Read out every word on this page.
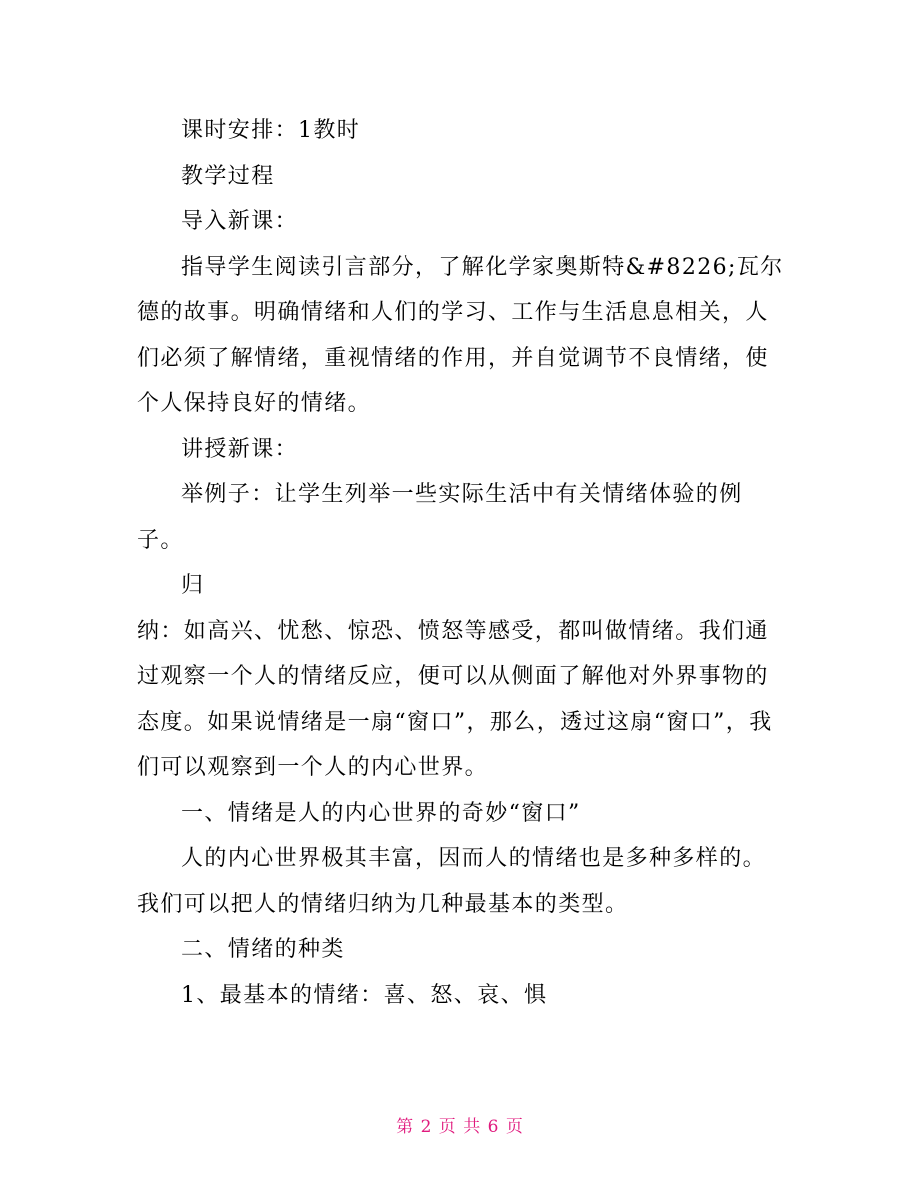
课时安排：1教时

教学过程

导入新课：

指导学生阅读引言部分，了解化学家奥斯特&#8226;瓦尔德的故事。明确情绪和人们的学习、工作与生活息息相关，人们必须了解情绪，重视情绪的作用，并自觉调节不良情绪，使个人保持良好的情绪。

讲授新课：

举例子：让学生列举一些实际生活中有关情绪体验的例子。

归

纳：如高兴、忧愁、惊恐、愤怒等感受，都叫做情绪。我们通过观察一个人的情绪反应，便可以从侧面了解他对外界事物的态度。如果说情绪是一扇“窗口”，那么，透过这扇“窗口”，我们可以观察到一个人的内心世界。

一、情绪是人的内心世界的奇妙“窗口”

人的内心世界极其丰富，因而人的情绪也是多种多样的。我们可以把人的情绪归纳为几种最基本的类型。

二、情绪的种类

1、最基本的情绪：喜、怒、哀、惧

第 2 页 共 6 页
